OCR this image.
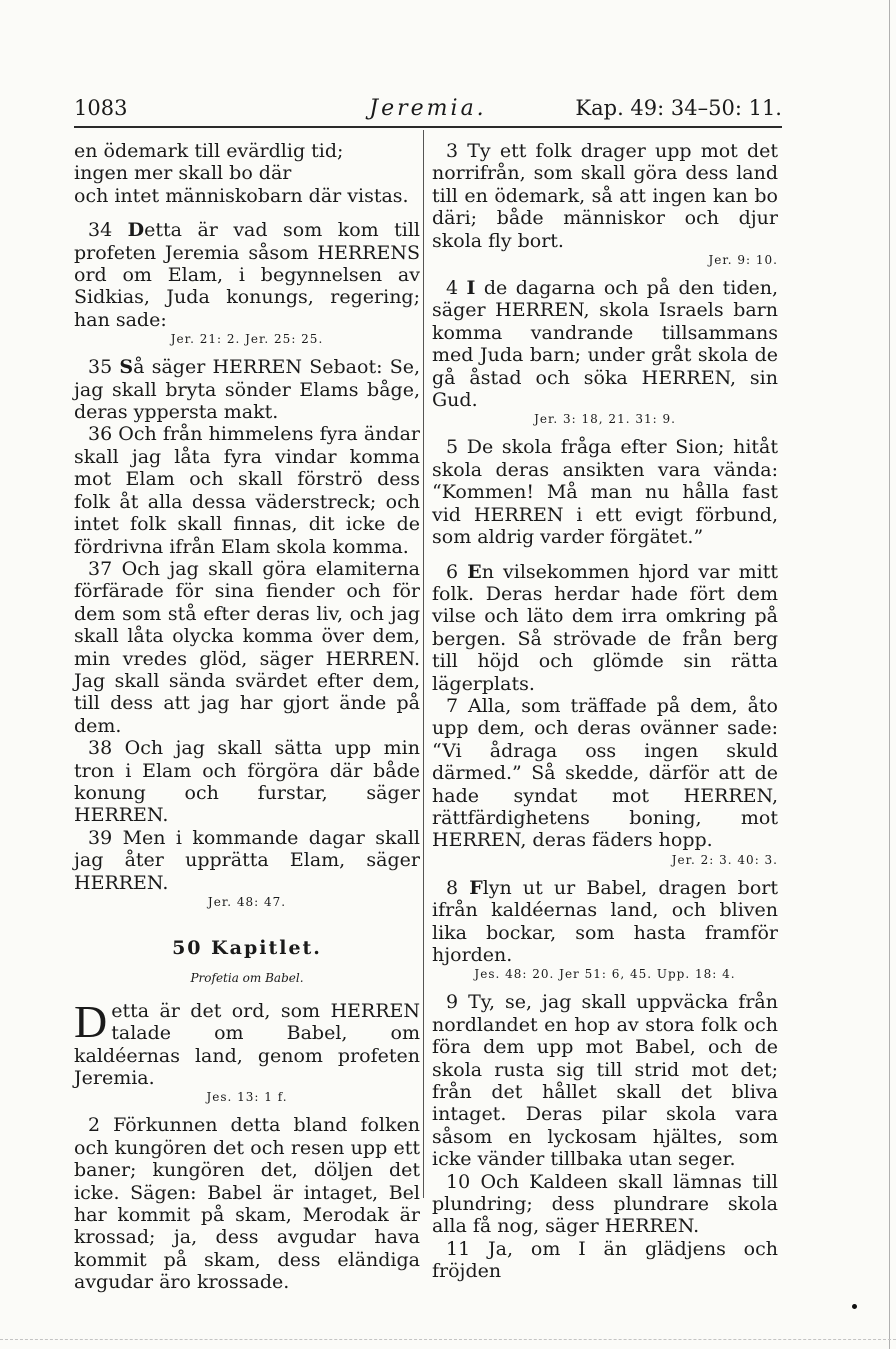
1083	Jeremia.	Kap. 49: 34–50: 11.

en ödemark till evärdlig tid;

ingen mer skall bo där

och intet människobarn där vistas.

34 Detta är vad som kom till profeten Jeremia såsom HERRENS ord om Elam, i begynnelsen av Sidkias, Juda konungs, regering; han sade:

Jer. 21: 2. Jer. 25: 25.

35 Så säger HERREN Sebaot: Se, jag skall bryta sönder Elams båge, deras yppersta makt.

36 Och från himmelens fyra ändar skall jag låta fyra vindar komma mot Elam och skall förströ dess folk åt alla dessa väderstreck; och intet folk skall finnas, dit icke de fördrivna ifrån Elam skola komma.

37 Och jag skall göra elamiterna förfärade för sina fiender och för dem som stå efter deras liv, och jag skall låta olycka komma över dem, min vredes glöd, säger HERREN. Jag skall sända svärdet efter dem, till dess att jag har gjort ände på dem.

38 Och jag skall sätta upp min tron i Elam och förgöra där både konung och furstar, säger HERREN.

39 Men i kommande dagar skall jag åter upprätta Elam, säger HERREN.

Jer. 48: 47.

50 Kapitlet.
Profetia om Babel.

Detta är det ord, som HERREN talade om Babel, om kaldéernas land, genom profeten Jeremia.

Jes. 13: 1 f.

2 Förkunnen detta bland folken och kungören det och resen upp ett baner; kungören det, döljen det icke. Sägen: Babel är intaget, Bel har kommit på skam, Merodak är krossad; ja, dess avgudar hava kommit på skam, dess eländiga avgudar äro krossade.

3 Ty ett folk drager upp mot det norrifrån, som skall göra dess land till en ödemark, så att ingen kan bo däri; både människor och djur skola fly bort.

Jer. 9: 10.

4 I de dagarna och på den tiden, säger HERREN, skola Israels barn komma vandrande tillsammans med Juda barn; under gråt skola de gå åstad och söka HERREN, sin Gud.

Jer. 3: 18, 21. 31: 9.

5 De skola fråga efter Sion; hitåt skola deras ansikten vara vända: “Kommen! Må man nu hålla fast vid HERREN i ett evigt förbund, som aldrig varder förgätet.”

6 En vilsekommen hjord var mitt folk. Deras herdar hade fört dem vilse och läto dem irra omkring på bergen. Så strövade de från berg till höjd och glömde sin rätta lägerplats.

7 Alla, som träffade på dem, åto upp dem, och deras ovänner sade: “Vi ådraga oss ingen skuld därmed.” Så skedde, därför att de hade syndat mot HERREN, rättfärdighetens boning, mot HERREN, deras fäders hopp.

Jer. 2: 3. 40: 3.

8 Flyn ut ur Babel, dragen bort ifrån kaldéernas land, och bliven lika bockar, som hasta framför hjorden.

Jes. 48: 20. Jer 51: 6, 45. Upp. 18: 4.

9 Ty, se, jag skall uppväcka från nordlandet en hop av stora folk och föra dem upp mot Babel, och de skola rusta sig till strid mot det; från det hållet skall det bliva intaget. Deras pilar skola vara såsom en lyckosam hjältes, som icke vänder tillbaka utan seger.

10 Och Kaldeen skall lämnas till plundring; dess plundrare skola alla få nog, säger HERREN.

11 Ja, om I än glädjens och fröjden
